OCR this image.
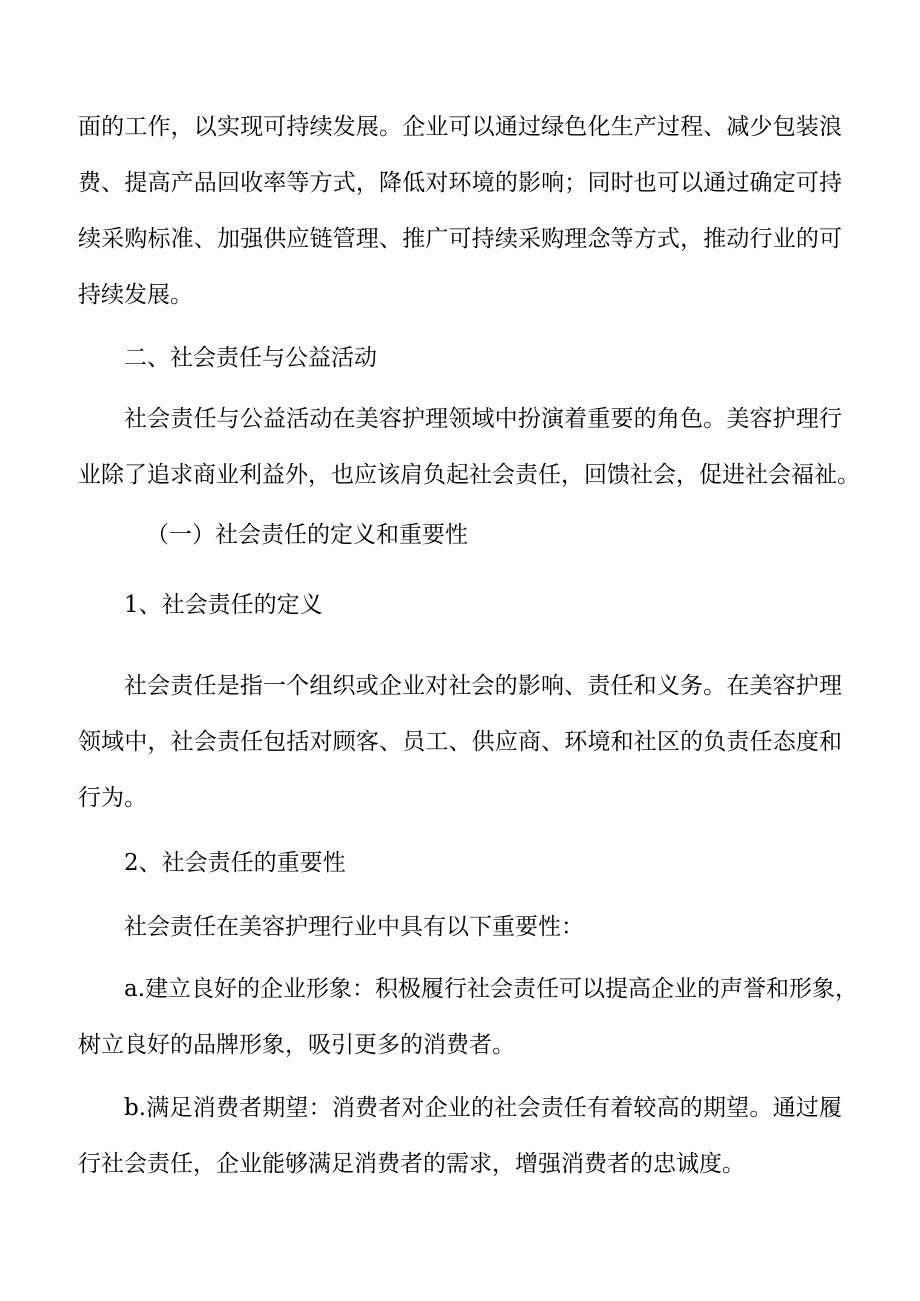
面的工作，以实现可持续发展。企业可以通过绿色化生产过程、减少包装浪
费、提高产品回收率等方式，降低对环境的影响；同时也可以通过确定可持
续采购标准、加强供应链管理、推广可持续采购理念等方式，推动行业的可
持续发展。
二、社会责任与公益活动
社会责任与公益活动在美容护理领域中扮演着重要的角色。美容护理行
业除了追求商业利益外，也应该肩负起社会责任，回馈社会，促进社会福祉。
（一）社会责任的定义和重要性
1、社会责任的定义
社会责任是指一个组织或企业对社会的影响、责任和义务。在美容护理
领域中，社会责任包括对顾客、员工、供应商、环境和社区的负责任态度和
行为。
2、社会责任的重要性
社会责任在美容护理行业中具有以下重要性：
a.建立良好的企业形象：积极履行社会责任可以提高企业的声誉和形象，
树立良好的品牌形象，吸引更多的消费者。
b.满足消费者期望：消费者对企业的社会责任有着较高的期望。通过履
行社会责任，企业能够满足消费者的需求，增强消费者的忠诚度。
